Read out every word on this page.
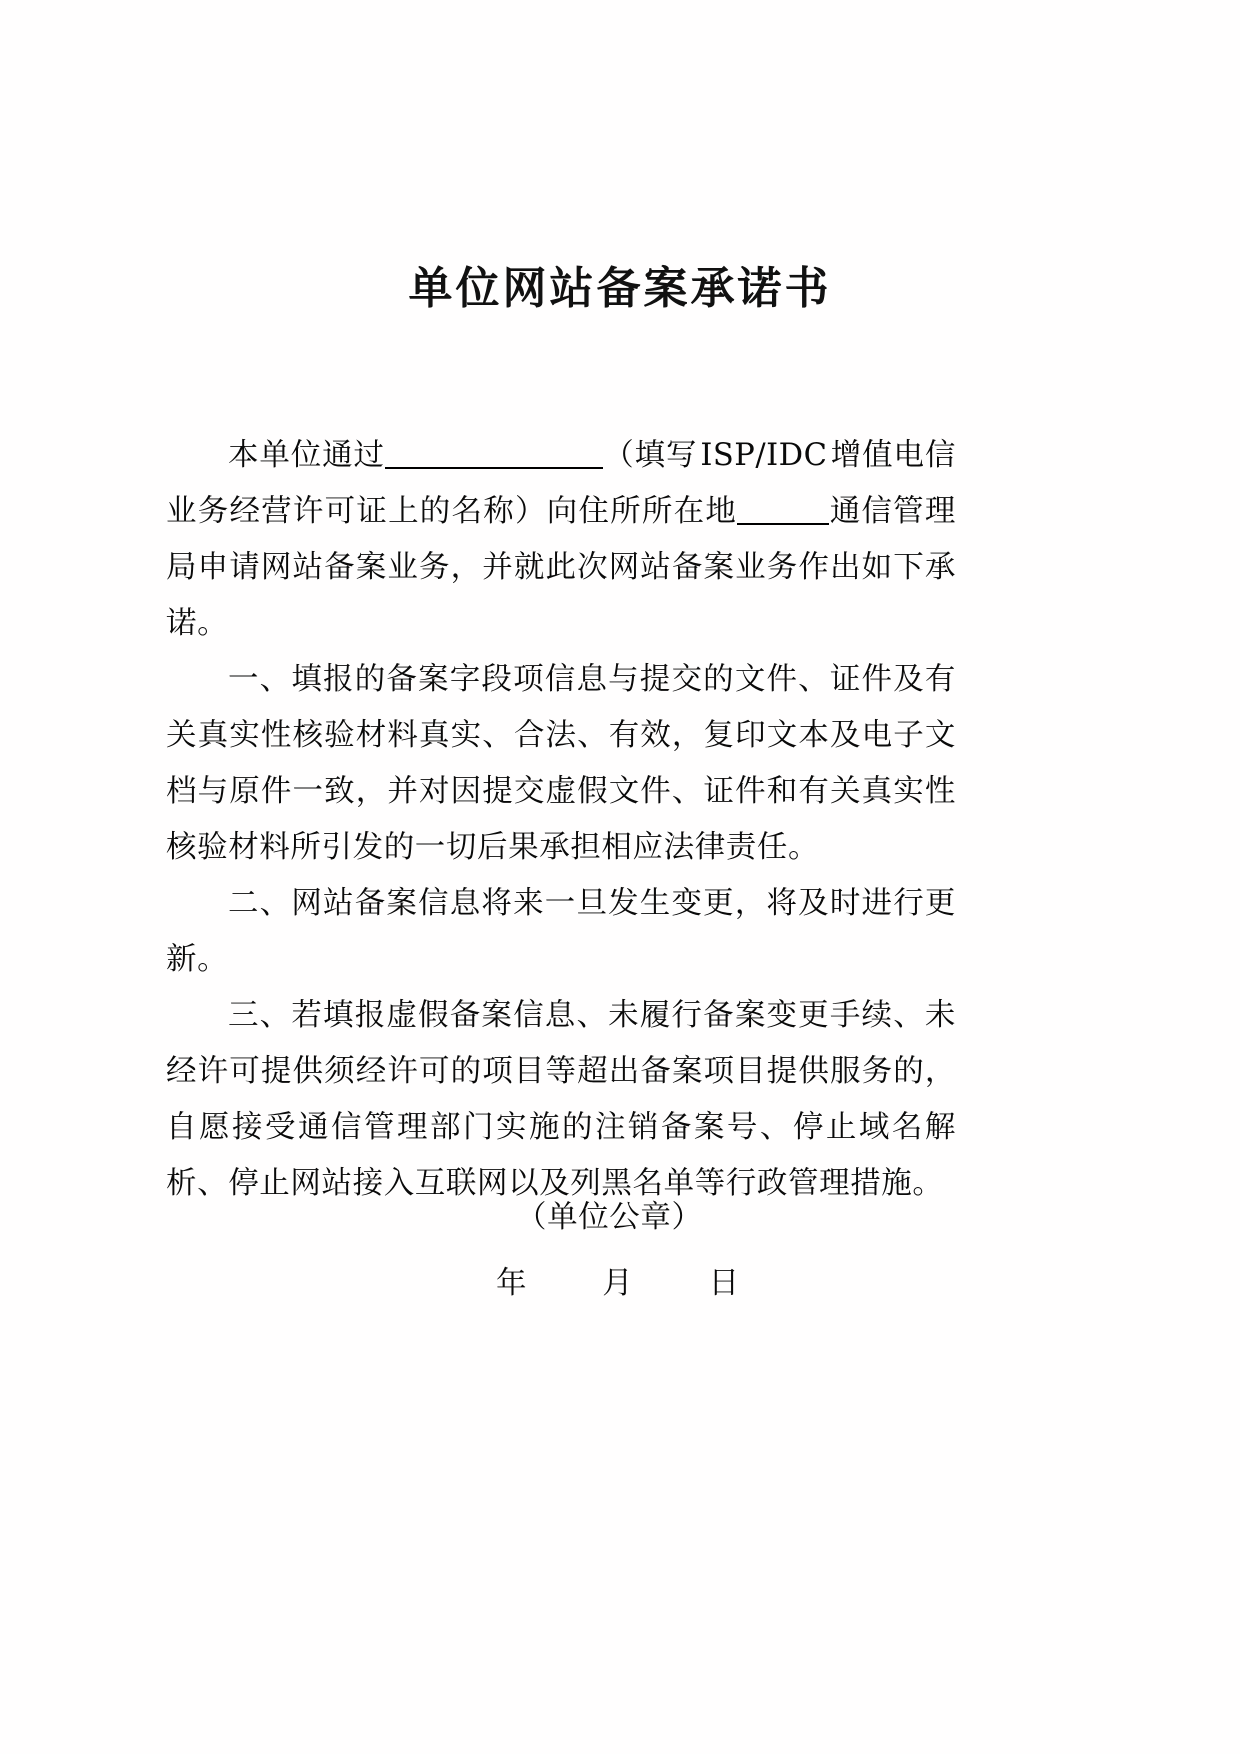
单位网站备案承诺书

本单位通过	（填写ISP/IDC增值电信业务经营许可证上的名称）向住所所在地	通信管理局申请网站备案业务，并就此次网站备案业务作出如下承诺。

一、填报的备案字段项信息与提交的文件、证件及有关真实性核验材料真实、合法、有效，复印文本及电子文档与原件一致，并对因提交虚假文件、证件和有关真实性核验材料所引发的一切后果承担相应法律责任。

二、网站备案信息将来一旦发生变更，将及时进行更新。

三、若填报虚假备案信息、未履行备案变更手续、未经许可提供须经许可的项目等超出备案项目提供服务的，自愿接受通信管理部门实施的注销备案号、停止域名解析、停止网站接入互联网以及列黑名单等行政管理措施。

（单位公章）
年 月 日
